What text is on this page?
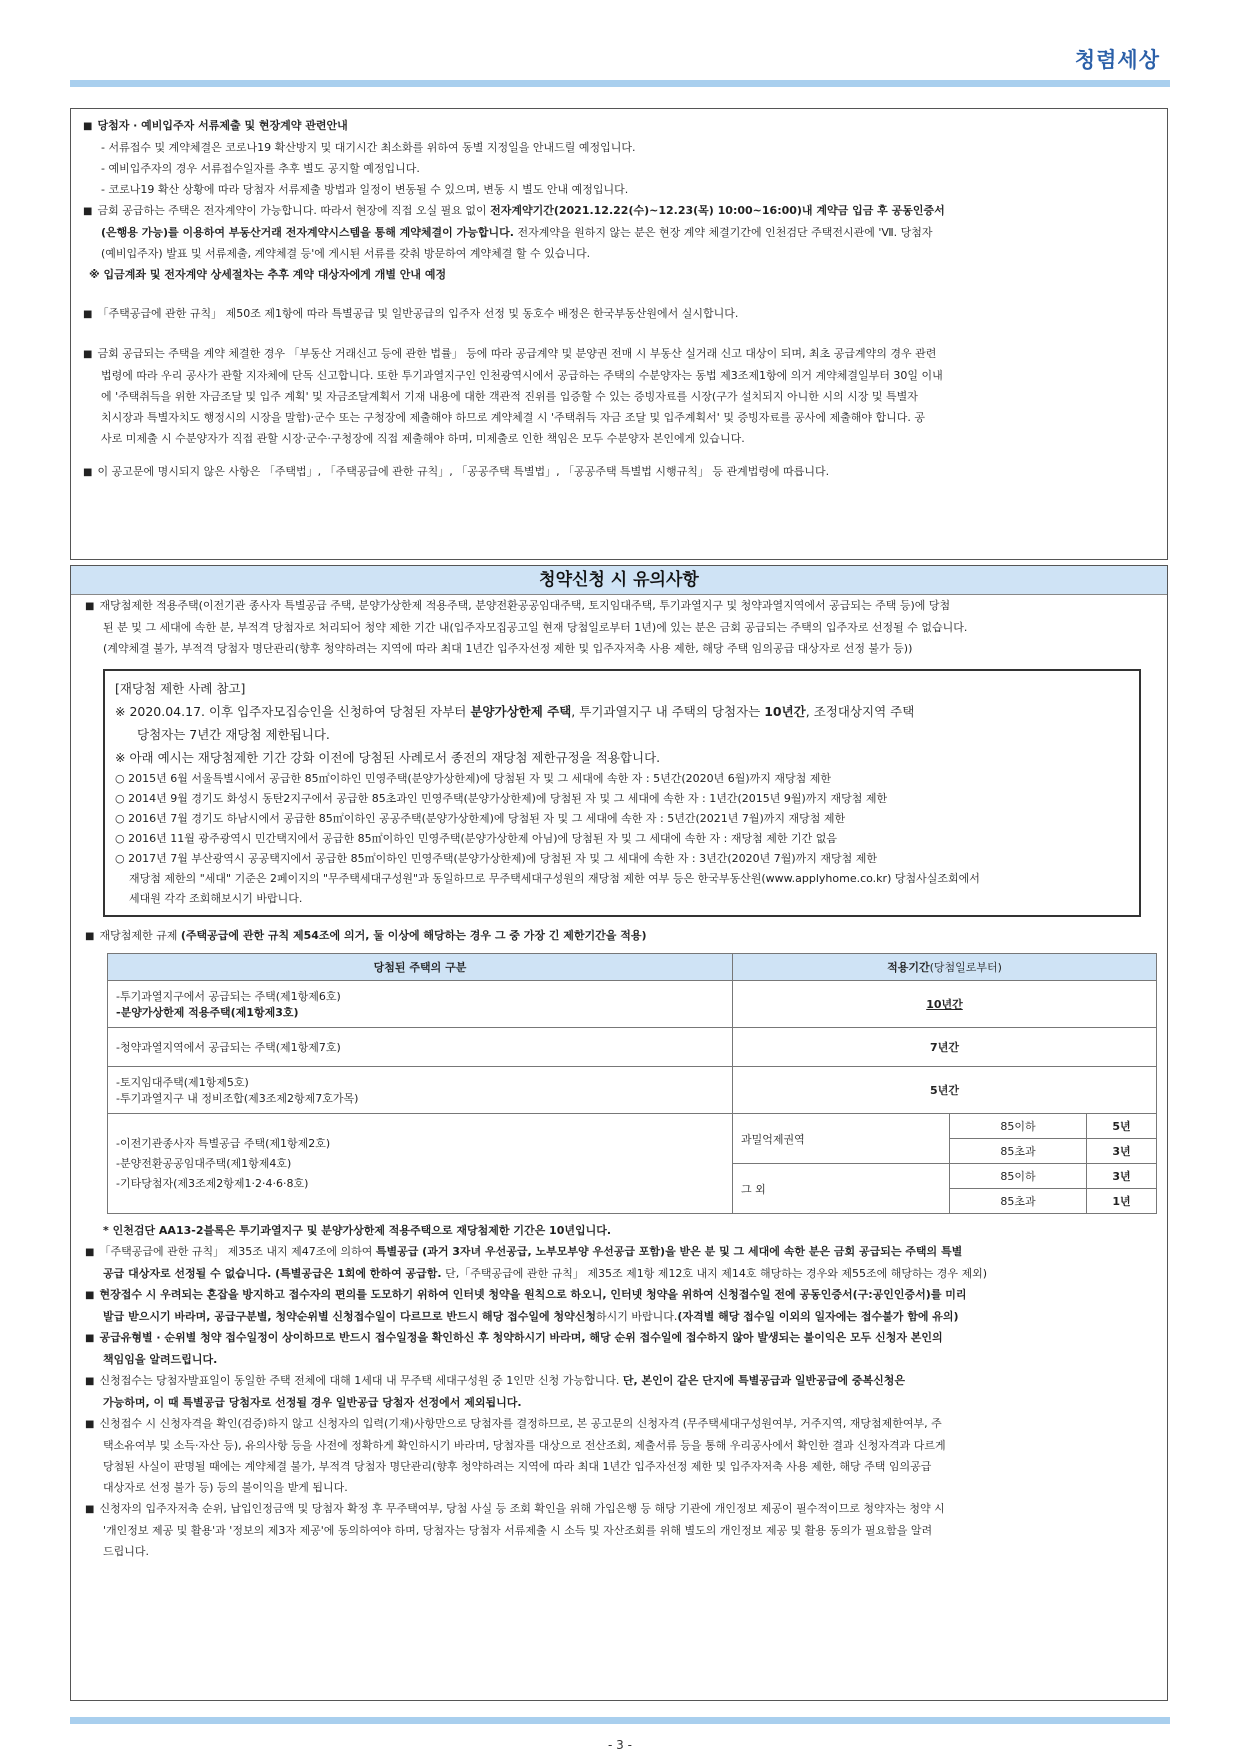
청렴세상
■ 당첨자 · 예비입주자 서류제출 및 현장계약 관련안내
- 서류접수 및 계약체결은 코로나19 확산방지 및 대기시간 최소화를 위하여 동별 지정일을 안내드릴 예정입니다.
- 예비입주자의 경우 서류접수일자를 추후 별도 공지할 예정입니다.
- 코로나19 확산 상황에 따라 당첨자 서류제출 방법과 일정이 변동될 수 있으며, 변동 시 별도 안내 예정입니다.
■ 금회 공급하는 주택은 전자계약이 가능합니다. 따라서 현장에 직접 오실 필요 없이 전자계약기간(2021.12.22(수)~12.23(목) 10:00~16:00)내 계약금 입금 후 공동인증서
(은행용 가능)를 이용하여 부동산거래 전자계약시스템을 통해 계약체결이 가능합니다. 전자계약을 원하지 않는 분은 현장 계약 체결기간에 인천검단 주택전시관에 'Ⅶ. 당첨자
(예비입주자) 발표 및 서류제출, 계약체결 등'에 게시된 서류를 갖춰 방문하여 계약체결 할 수 있습니다.
※ 입금계좌 및 전자계약 상세절차는 추후 계약 대상자에게 개별 안내 예정
■ 「주택공급에 관한 규칙」 제50조 제1항에 따라 특별공급 및 일반공급의 입주자 선정 및 동호수 배정은 한국부동산원에서 실시합니다.
■ 금회 공급되는 주택을 계약 체결한 경우 「부동산 거래신고 등에 관한 법률」 등에 따라 공급계약 및 분양권 전매 시 부동산 실거래 신고 대상이 되며, 최초 공급계약의 경우 관련
법령에 따라 우리 공사가 관할 지자체에 단독 신고합니다. 또한 투기과열지구인 인천광역시에서 공급하는 주택의 수분양자는 동법 제3조제1항에 의거 계약체결일부터 30일 이내
에 '주택취득을 위한 자금조달 및 입주 계획' 및 자금조달계획서 기재 내용에 대한 객관적 진위를 입증할 수 있는 증빙자료를 시장(구가 설치되지 아니한 시의 시장 및 특별자
치시장과 특별자치도 행정시의 시장을 말함)·군수 또는 구청장에 제출해야 하므로 계약체결 시 '주택취득 자금 조달 및 입주계획서' 및 증빙자료를 공사에 제출해야 합니다. 공
사로 미제출 시 수분양자가 직접 관할 시장·군수·구청장에 직접 제출해야 하며, 미제출로 인한 책임은 모두 수분양자 본인에게 있습니다.
■ 이 공고문에 명시되지 않은 사항은 「주택법」, 「주택공급에 관한 규칙」, 「공공주택 특별법」, 「공공주택 특별법 시행규칙」 등 관계법령에 따릅니다.
청약신청 시 유의사항
■ 재당첨제한 적용주택(이전기관 종사자 특별공급 주택, 분양가상한제 적용주택, 분양전환공공임대주택, 토지임대주택, 투기과열지구 및 청약과열지역에서 공급되는 주택 등)에 당첨
된 분 및 그 세대에 속한 분, 부적격 당첨자로 처리되어 청약 제한 기간 내(입주자모집공고일 현재 당첨일로부터 1년)에 있는 분은 금회 공급되는 주택의 입주자로 선정될 수 없습니다.
(계약체결 불가, 부적격 당첨자 명단관리(향후 청약하려는 지역에 따라 최대 1년간 입주자선정 제한 및 입주자저축 사용 제한, 해당 주택 임의공급 대상자로 선정 불가 등))
[재당첨 제한 사례 참고]
※ 2020.04.17. 이후 입주자모집승인을 신청하여 당첨된 자부터 분양가상한제 주택, 투기과열지구 내 주택의 당첨자는 10년간, 조정대상지역 주택
당첨자는 7년간 재당첨 제한됩니다.
※ 아래 예시는 재당첨제한 기간 강화 이전에 당첨된 사례로서 종전의 재당첨 제한규정을 적용합니다.
○ 2015년 6월 서울특별시에서 공급한 85㎡이하인 민영주택(분양가상한제)에 당첨된 자 및 그 세대에 속한 자 : 5년간(2020년 6월)까지 재당첨 제한
○ 2014년 9월 경기도 화성시 동탄2지구에서 공급한 85초과인 민영주택(분양가상한제)에 당첨된 자 및 그 세대에 속한 자 : 1년간(2015년 9월)까지 재당첨 제한
○ 2016년 7월 경기도 하남시에서 공급한 85㎡이하인 공공주택(분양가상한제)에 당첨된 자 및 그 세대에 속한 자 : 5년간(2021년 7월)까지 재당첨 제한
○ 2016년 11월 광주광역시 민간택지에서 공급한 85㎡이하인 민영주택(분양가상한제 아님)에 당첨된 자 및 그 세대에 속한 자 : 재당첨 제한 기간 없음
○ 2017년 7월 부산광역시 공공택지에서 공급한 85㎡이하인 민영주택(분양가상한제)에 당첨된 자 및 그 세대에 속한 자 : 3년간(2020년 7월)까지 재당첨 제한
재당첨 제한의 "세대" 기준은 2페이지의 "무주택세대구성원"과 동일하므로 무주택세대구성원의 재당첨 제한 여부 등은 한국부동산원(www.applyhome.co.kr) 당첨사실조회에서
세대원 각각 조회해보시기 바랍니다.
■ 재당첨제한 규제 (주택공급에 관한 규칙 제54조에 의거, 둘 이상에 해당하는 경우 그 중 가장 긴 제한기간을 적용)
당첨된 주택의 구분	적용기간(당첨일로부터)		

-투기과열지구에서 공급되는 주택(제1항제6호)
-분양가상한제 적용주택(제1항제3호)	10년간		
-청약과열지역에서 공급되는 주택(제1항제7호)	7년간		

-토지임대주택(제1항제5호)
-투기과열지구 내 정비조합(제3조제2항제7호가목)	5년간		

-이전기관종사자 특별공급 주택(제1항제2호)
-분양전환공공임대주택(제1항제4호)
-기타당첨자(제3조제2항제1·2·4·6·8호)	과밀억제권역	85이하	5년
		85초과	3년
	그 외	85이하	3년
		85초과	1년
* 인천검단 AA13-2블록은 투기과열지구 및 분양가상한제 적용주택으로 재당첨제한 기간은 10년입니다.
■ 「주택공급에 관한 규칙」 제35조 내지 제47조에 의하여 특별공급 (과거 3자녀 우선공급, 노부모부양 우선공급 포함)을 받은 분 및 그 세대에 속한 분은 금회 공급되는 주택의 특별
공급 대상자로 선정될 수 없습니다. (특별공급은 1회에 한하여 공급함. 단,「주택공급에 관한 규칙」 제35조 제1항 제12호 내지 제14호 해당하는 경우와 제55조에 해당하는 경우 제외)
■ 현장접수 시 우려되는 혼잡을 방지하고 접수자의 편의를 도모하기 위하여 인터넷 청약을 원칙으로 하오니, 인터넷 청약을 위하여 신청접수일 전에 공동인증서(구:공인인증서)를 미리
발급 받으시기 바라며, 공급구분별, 청약순위별 신청접수일이 다르므로 반드시 해당 접수일에 청약신청하시기 바랍니다.(자격별 해당 접수일 이외의 일자에는 접수불가 함에 유의)
■ 공급유형별 · 순위별 청약 접수일정이 상이하므로 반드시 접수일정을 확인하신 후 청약하시기 바라며, 해당 순위 접수일에 접수하지 않아 발생되는 불이익은 모두 신청자 본인의
책임임을 알려드립니다.
■ 신청접수는 당첨자발표일이 동일한 주택 전체에 대해 1세대 내 무주택 세대구성원 중 1인만 신청 가능합니다. 단, 본인이 같은 단지에 특별공급과 일반공급에 중복신청은
가능하며, 이 때 특별공급 당첨자로 선정될 경우 일반공급 당첨자 선정에서 제외됩니다.
■ 신청접수 시 신청자격을 확인(검증)하지 않고 신청자의 입력(기재)사항만으로 당첨자를 결정하므로, 본 공고문의 신청자격 (무주택세대구성원여부, 거주지역, 재당첨제한여부, 주
택소유여부 및 소득·자산 등), 유의사항 등을 사전에 정확하게 확인하시기 바라며, 당첨자를 대상으로 전산조회, 제출서류 등을 통해 우리공사에서 확인한 결과 신청자격과 다르게
당첨된 사실이 판명될 때에는 계약체결 불가, 부적격 당첨자 명단관리(향후 청약하려는 지역에 따라 최대 1년간 입주자선정 제한 및 입주자저축 사용 제한, 해당 주택 임의공급
대상자로 선정 불가 등) 등의 불이익을 받게 됩니다.
■ 신청자의 입주자저축 순위, 납입인정금액 및 당첨자 확정 후 무주택여부, 당첨 사실 등 조회 확인을 위해 가입은행 등 해당 기관에 개인정보 제공이 필수적이므로 청약자는 청약 시
'개인정보 제공 및 활용'과 '정보의 제3자 제공'에 동의하여야 하며, 당첨자는 당첨자 서류제출 시 소득 및 자산조회를 위해 별도의 개인정보 제공 및 활용 동의가 필요함을 알려
드립니다.
- 3 -
